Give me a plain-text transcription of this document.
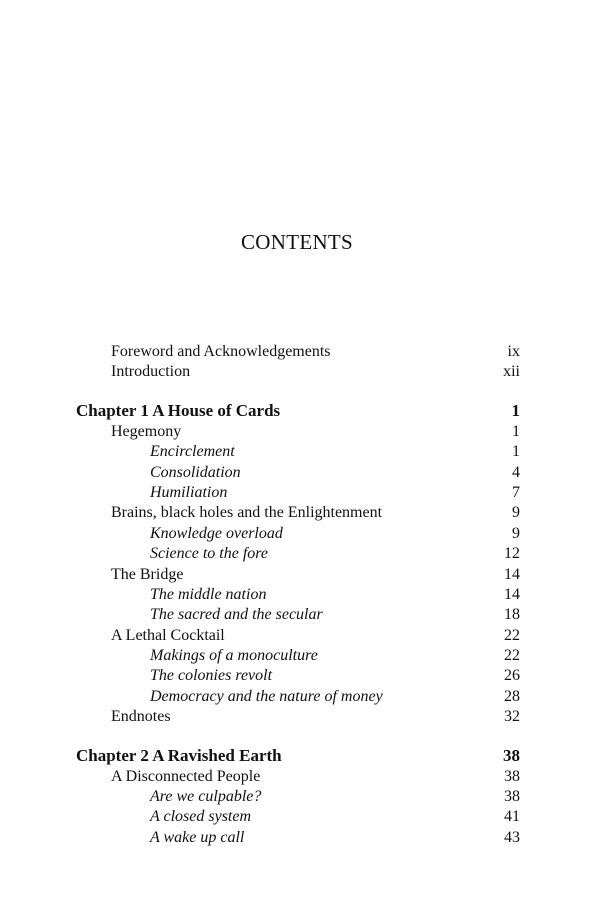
CONTENTS
Foreword and Acknowledgements	ix
Introduction	xii
Chapter 1 A House of Cards	1
Hegemony	1
Encirclement	1
Consolidation	4
Humiliation	7
Brains, black holes and the Enlightenment	9
Knowledge overload	9
Science to the fore	12
The Bridge	14
The middle nation	14
The sacred and the secular	18
A Lethal Cocktail	22
Makings of a monoculture	22
The colonies revolt	26
Democracy and the nature of money	28
Endnotes	32
Chapter 2 A Ravished Earth	38
A Disconnected People	38
Are we culpable?	38
A closed system	41
A wake up call	43
